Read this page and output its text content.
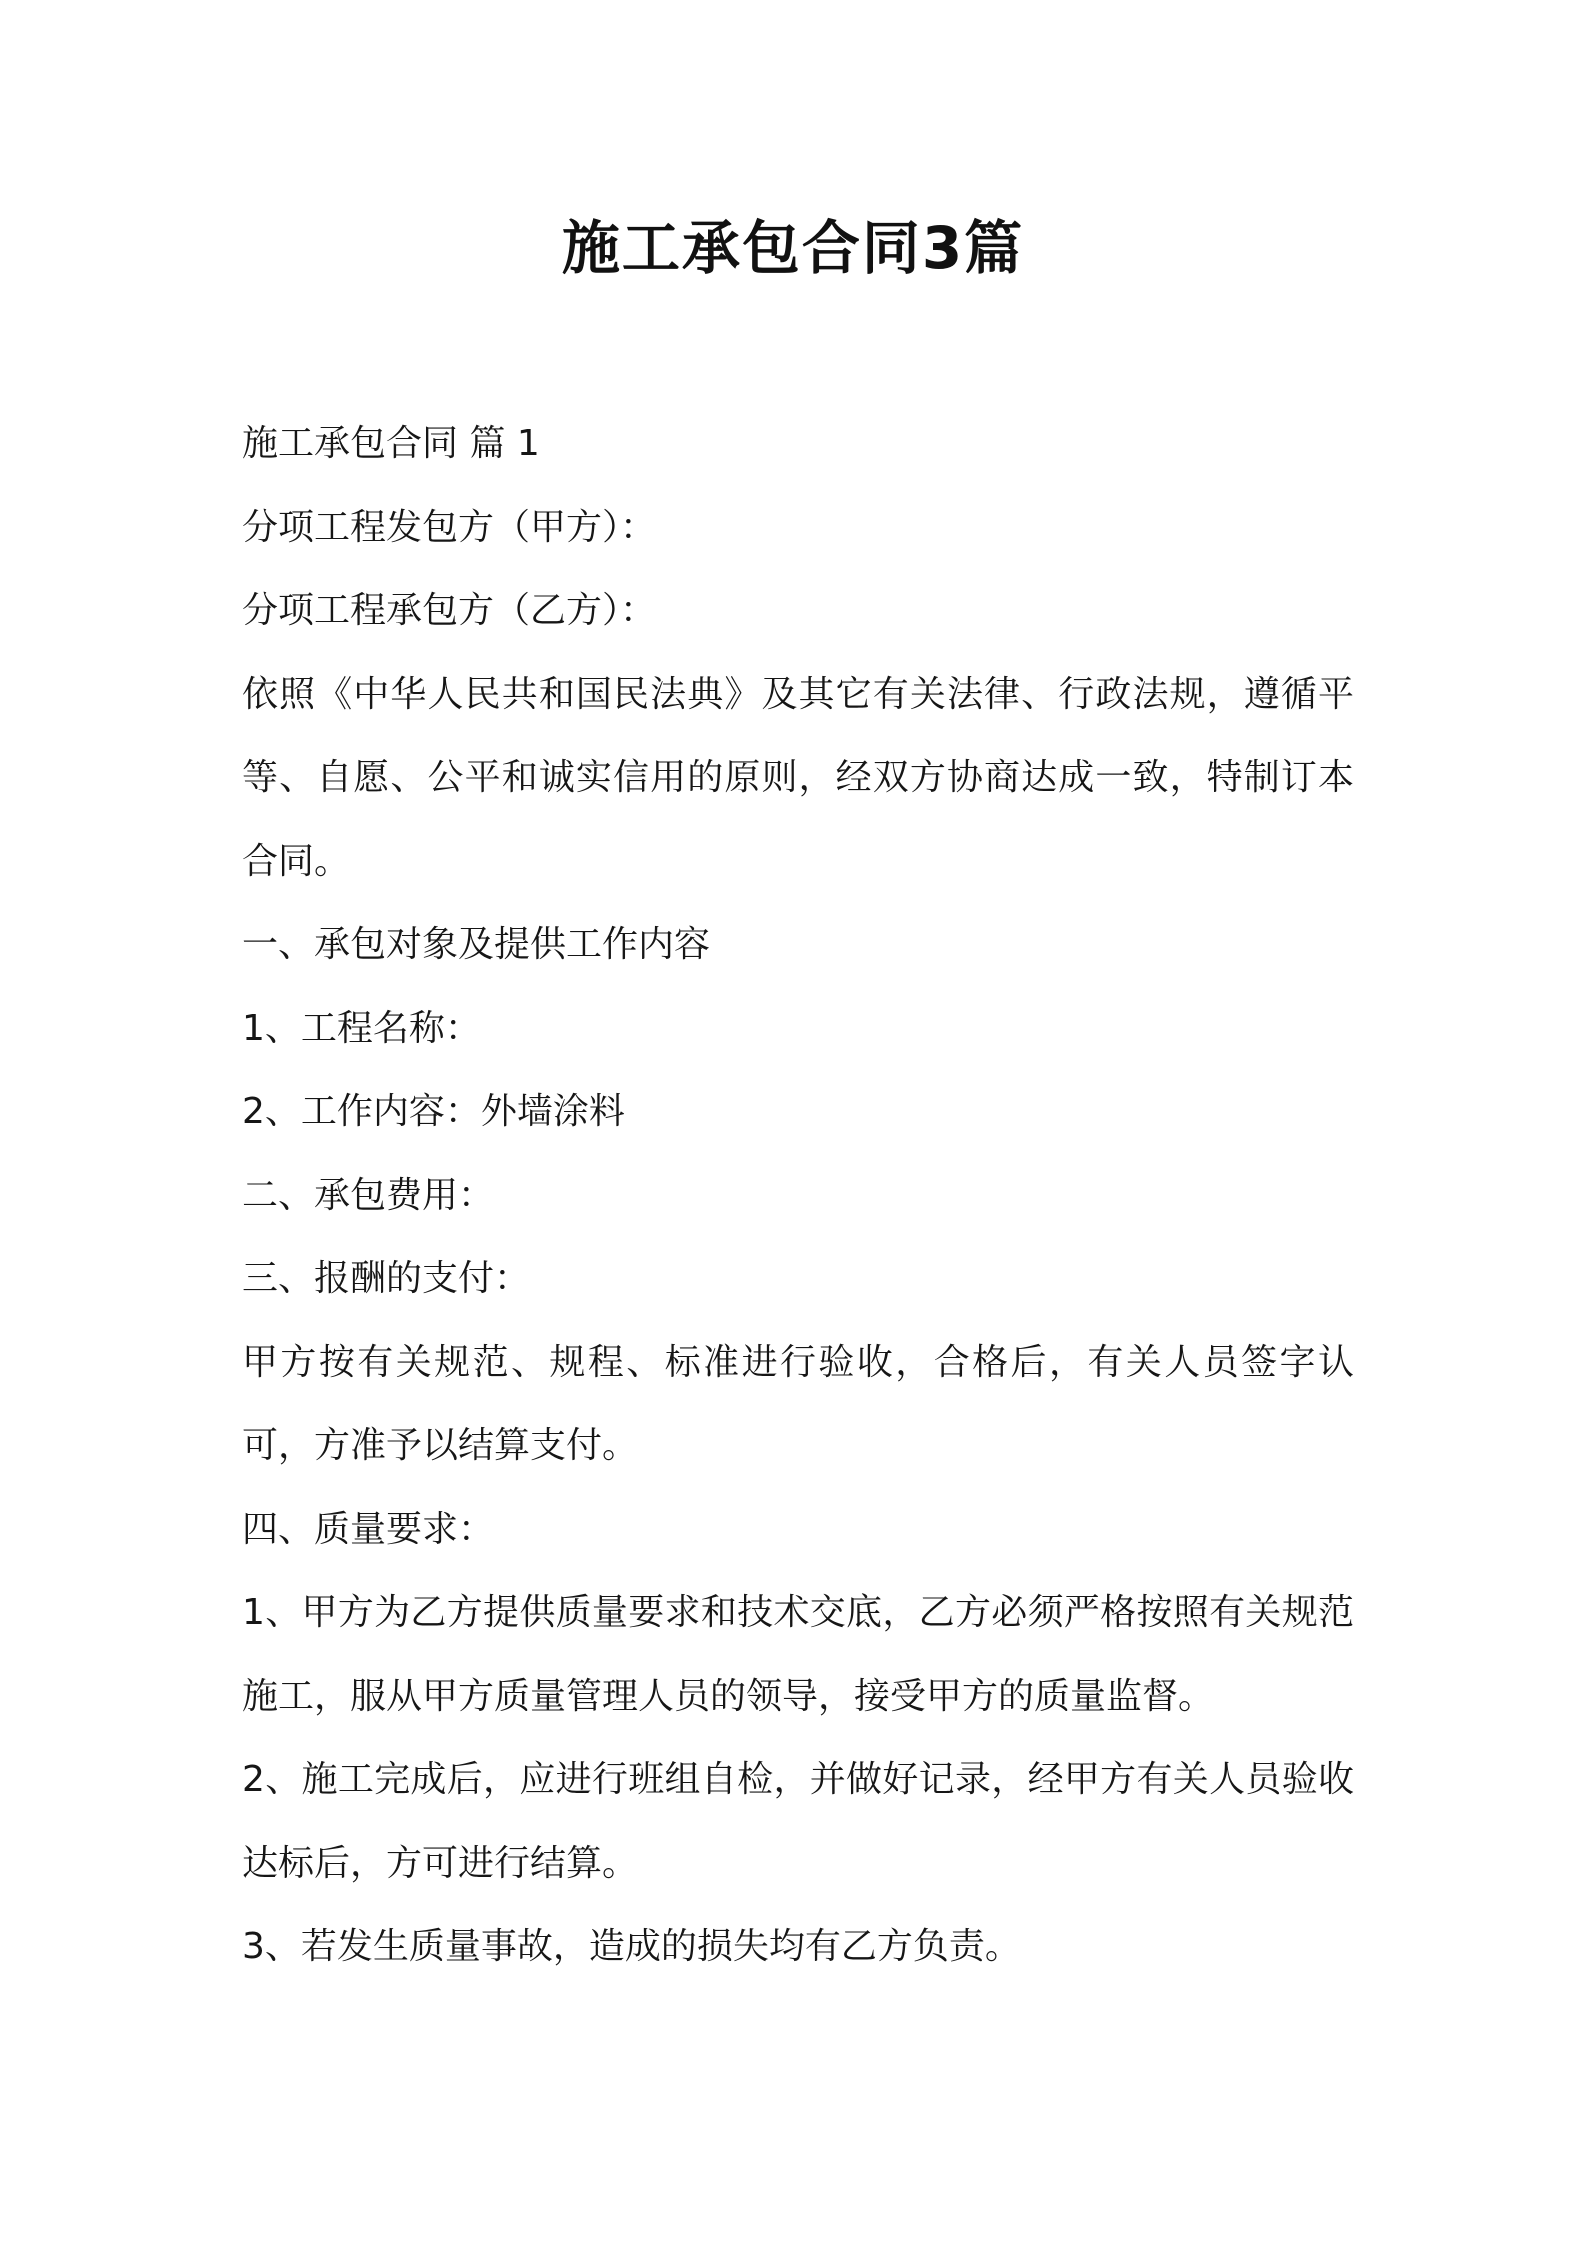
施工承包合同3篇

施工承包合同 篇 1

分项工程发包方（甲方）：

分项工程承包方（乙方）：

依照《中华人民共和国民法典》及其它有关法律、行政法规，遵循平等、自愿、公平和诚实信用的原则，经双方协商达成一致，特制订本合同。

一、承包对象及提供工作内容

1、工程名称：

2、工作内容：外墙涂料

二、承包费用：

三、报酬的支付：

甲方按有关规范、规程、标准进行验收，合格后，有关人员签字认可，方准予以结算支付。

四、质量要求：

1、甲方为乙方提供质量要求和技术交底，乙方必须严格按照有关规范施工，服从甲方质量管理人员的领导，接受甲方的质量监督。

2、施工完成后，应进行班组自检，并做好记录，经甲方有关人员验收达标后，方可进行结算。

3、若发生质量事故，造成的损失均有乙方负责。
